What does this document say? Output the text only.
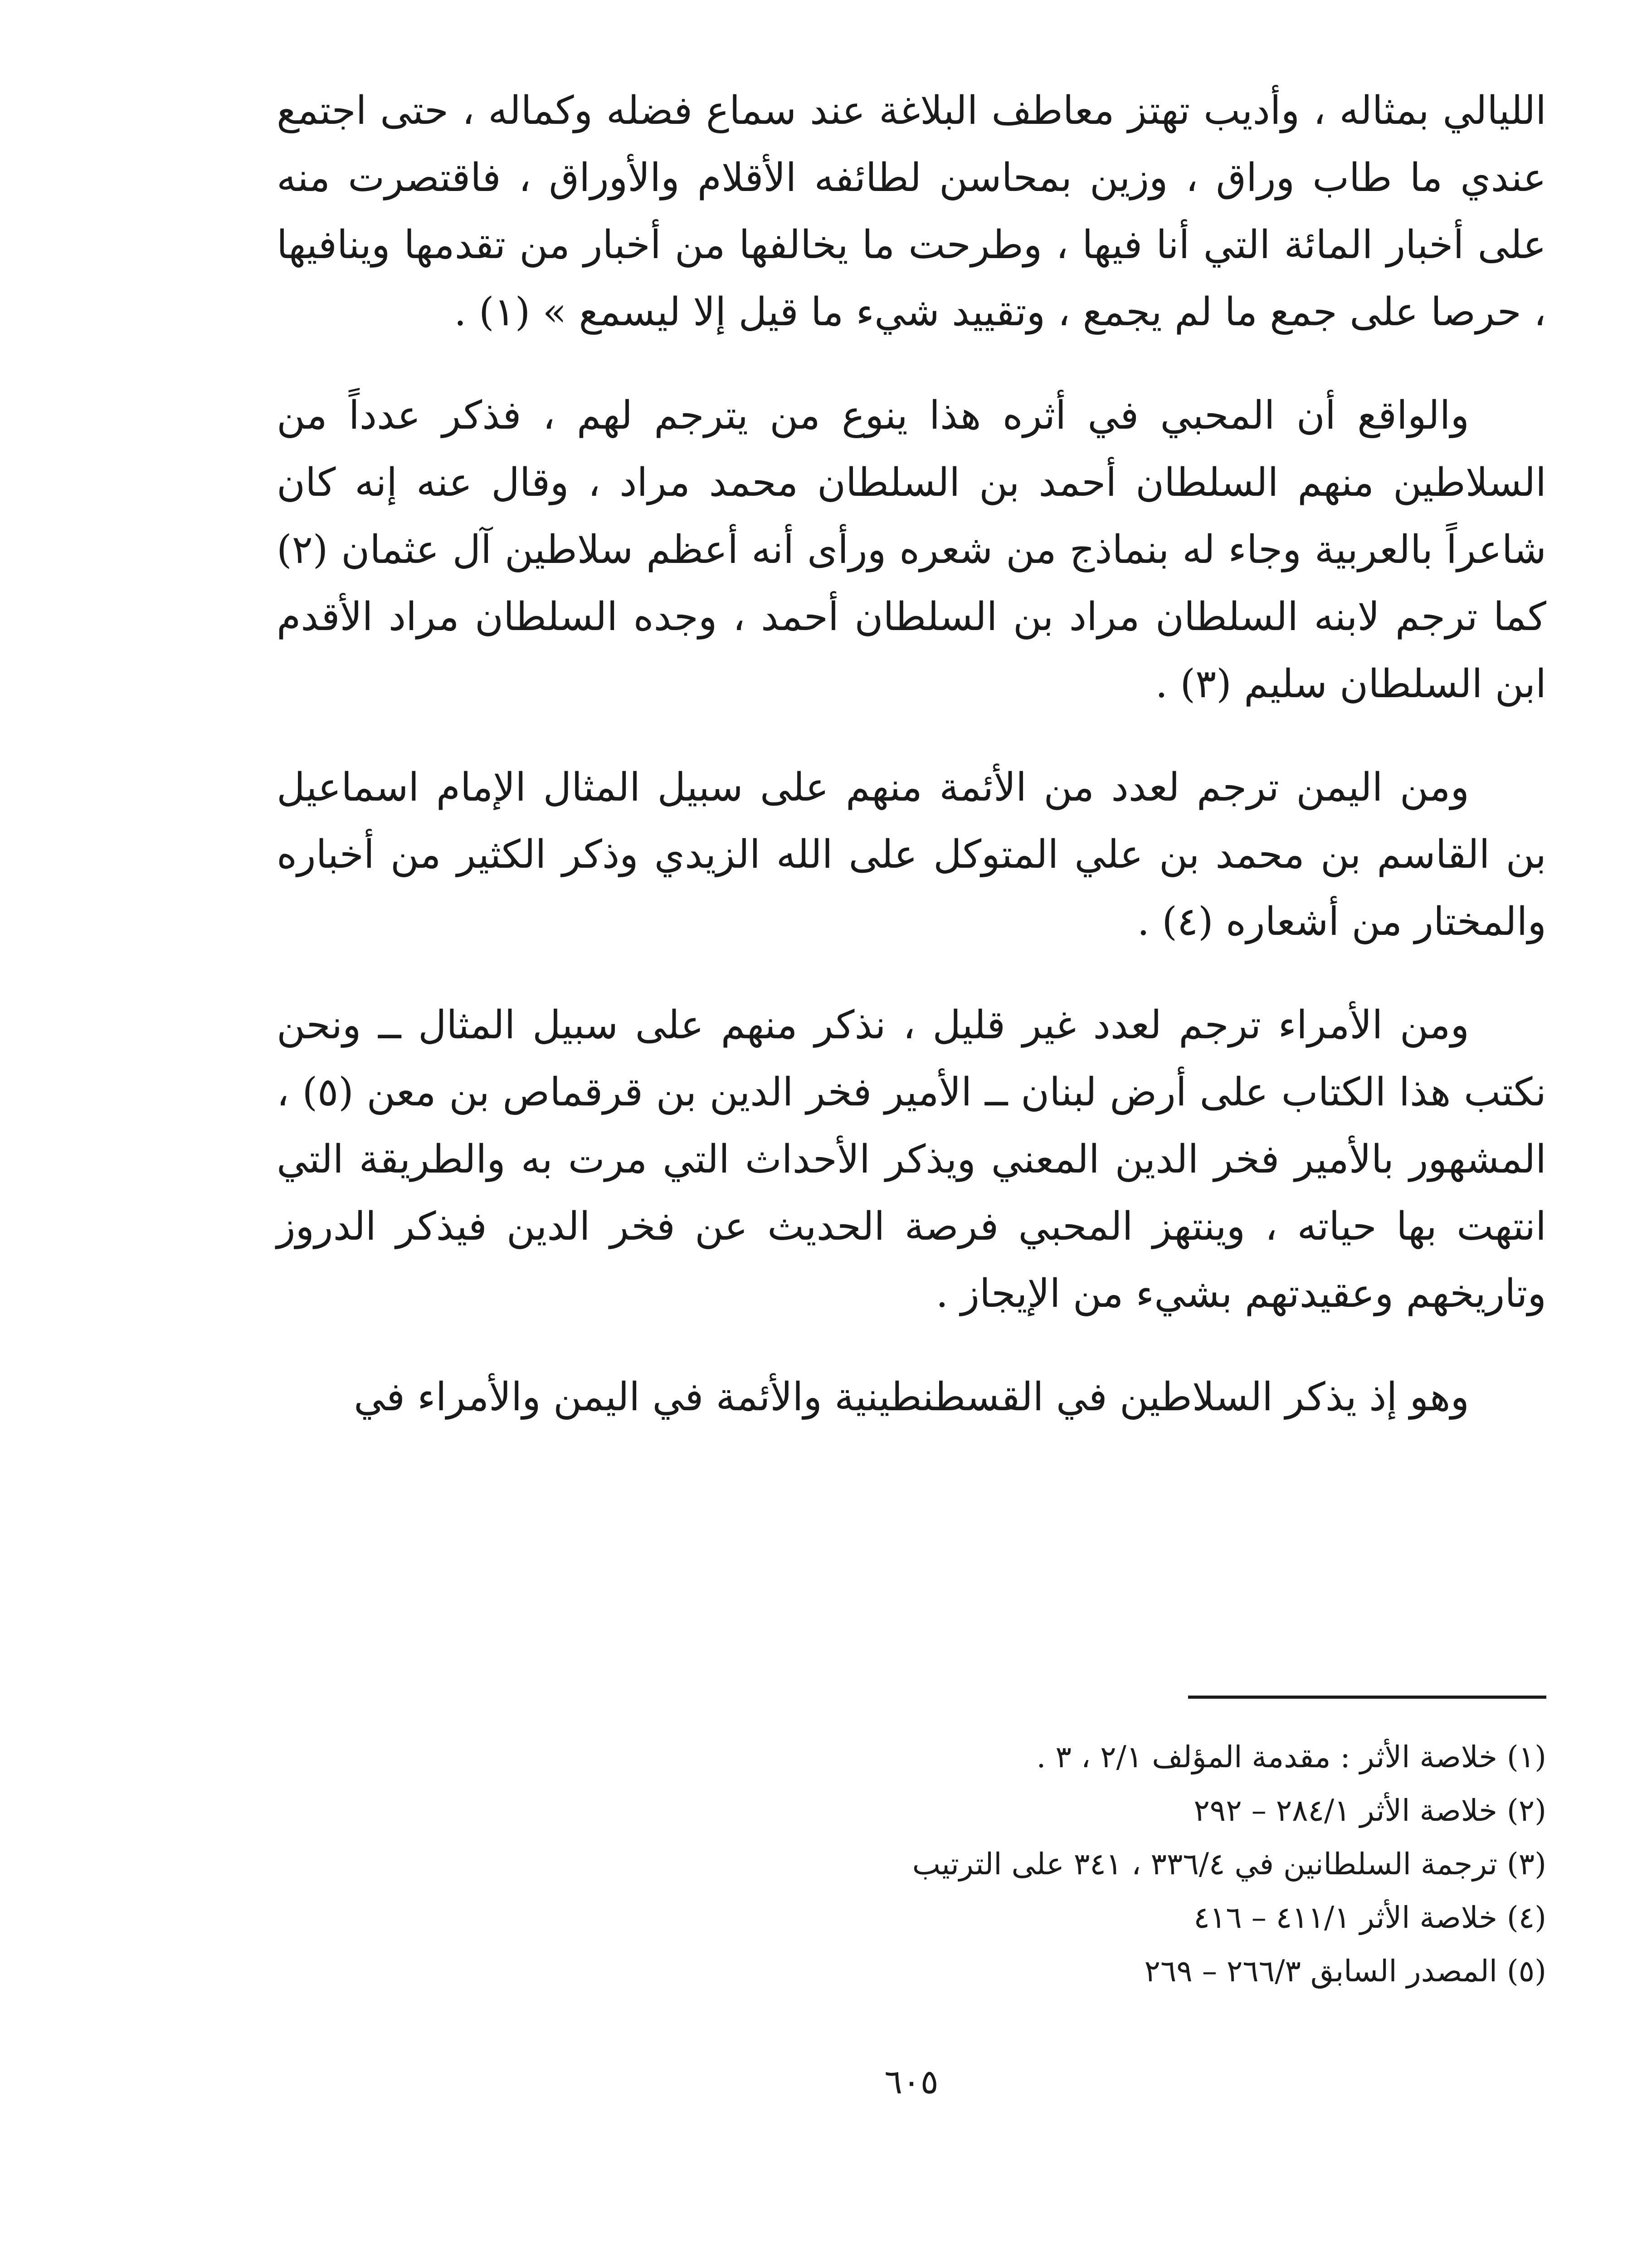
الليالي بمثاله ، وأديب تهتز معاطف البلاغة عند سماع فضله وكماله ، حتى اجتمع عندي ما طاب وراق ، وزين بمحاسن لطائفه الأقلام والأوراق ، فاقتصرت منه على أخبار المائة التي أنا فيها ، وطرحت ما يخالفها من أخبار من تقدمها وينافيها ، حرصا على جمع ما لم يجمع ، وتقييد شيء ما قيل إلا ليسمع » (١) .

والواقع أن المحبي في أثره هذا ينوع من يترجم لهم ، فذكر عدداً من السلاطين منهم السلطان أحمد بن السلطان محمد مراد ، وقال عنه إنه كان شاعراً بالعربية وجاء له بنماذج من شعره ورأى أنه أعظم سلاطين آل عثمان (٢) كما ترجم لابنه السلطان مراد بن السلطان أحمد ، وجده السلطان مراد الأقدم ابن السلطان سليم (٣) .

ومن اليمن ترجم لعدد من الأئمة منهم على سبيل المثال الإمام اسماعيل بن القاسم بن محمد بن علي المتوكل على الله الزيدي وذكر الكثير من أخباره والمختار من أشعاره (٤) .

ومن الأمراء ترجم لعدد غير قليل ، نذكر منهم على سبيل المثال ــ ونحن نكتب هذا الكتاب على أرض لبنان ــ الأمير فخر الدين بن قرقماص بن معن (٥) ، المشهور بالأمير فخر الدين المعني ويذكر الأحداث التي مرت به والطريقة التي انتهت بها حياته ، وينتهز المحبي فرصة الحديث عن فخر الدين فيذكر الدروز وتاريخهم وعقيدتهم بشيء من الإيجاز .

وهو إذ يذكر السلاطين في القسطنطينية والأئمة في اليمن والأمراء في

(١) خلاصة الأثر : مقدمة المؤلف ٢/١ ، ٣ .
(٢) خلاصة الأثر ٢٨٤/١ – ٢٩٢
(٣) ترجمة السلطانين في ٣٣٦/٤ ، ٣٤١ على الترتيب
(٤) خلاصة الأثر ٤١١/١ – ٤١٦
(٥) المصدر السابق ٢٦٦/٣ – ٢٦٩
٦٠٥
